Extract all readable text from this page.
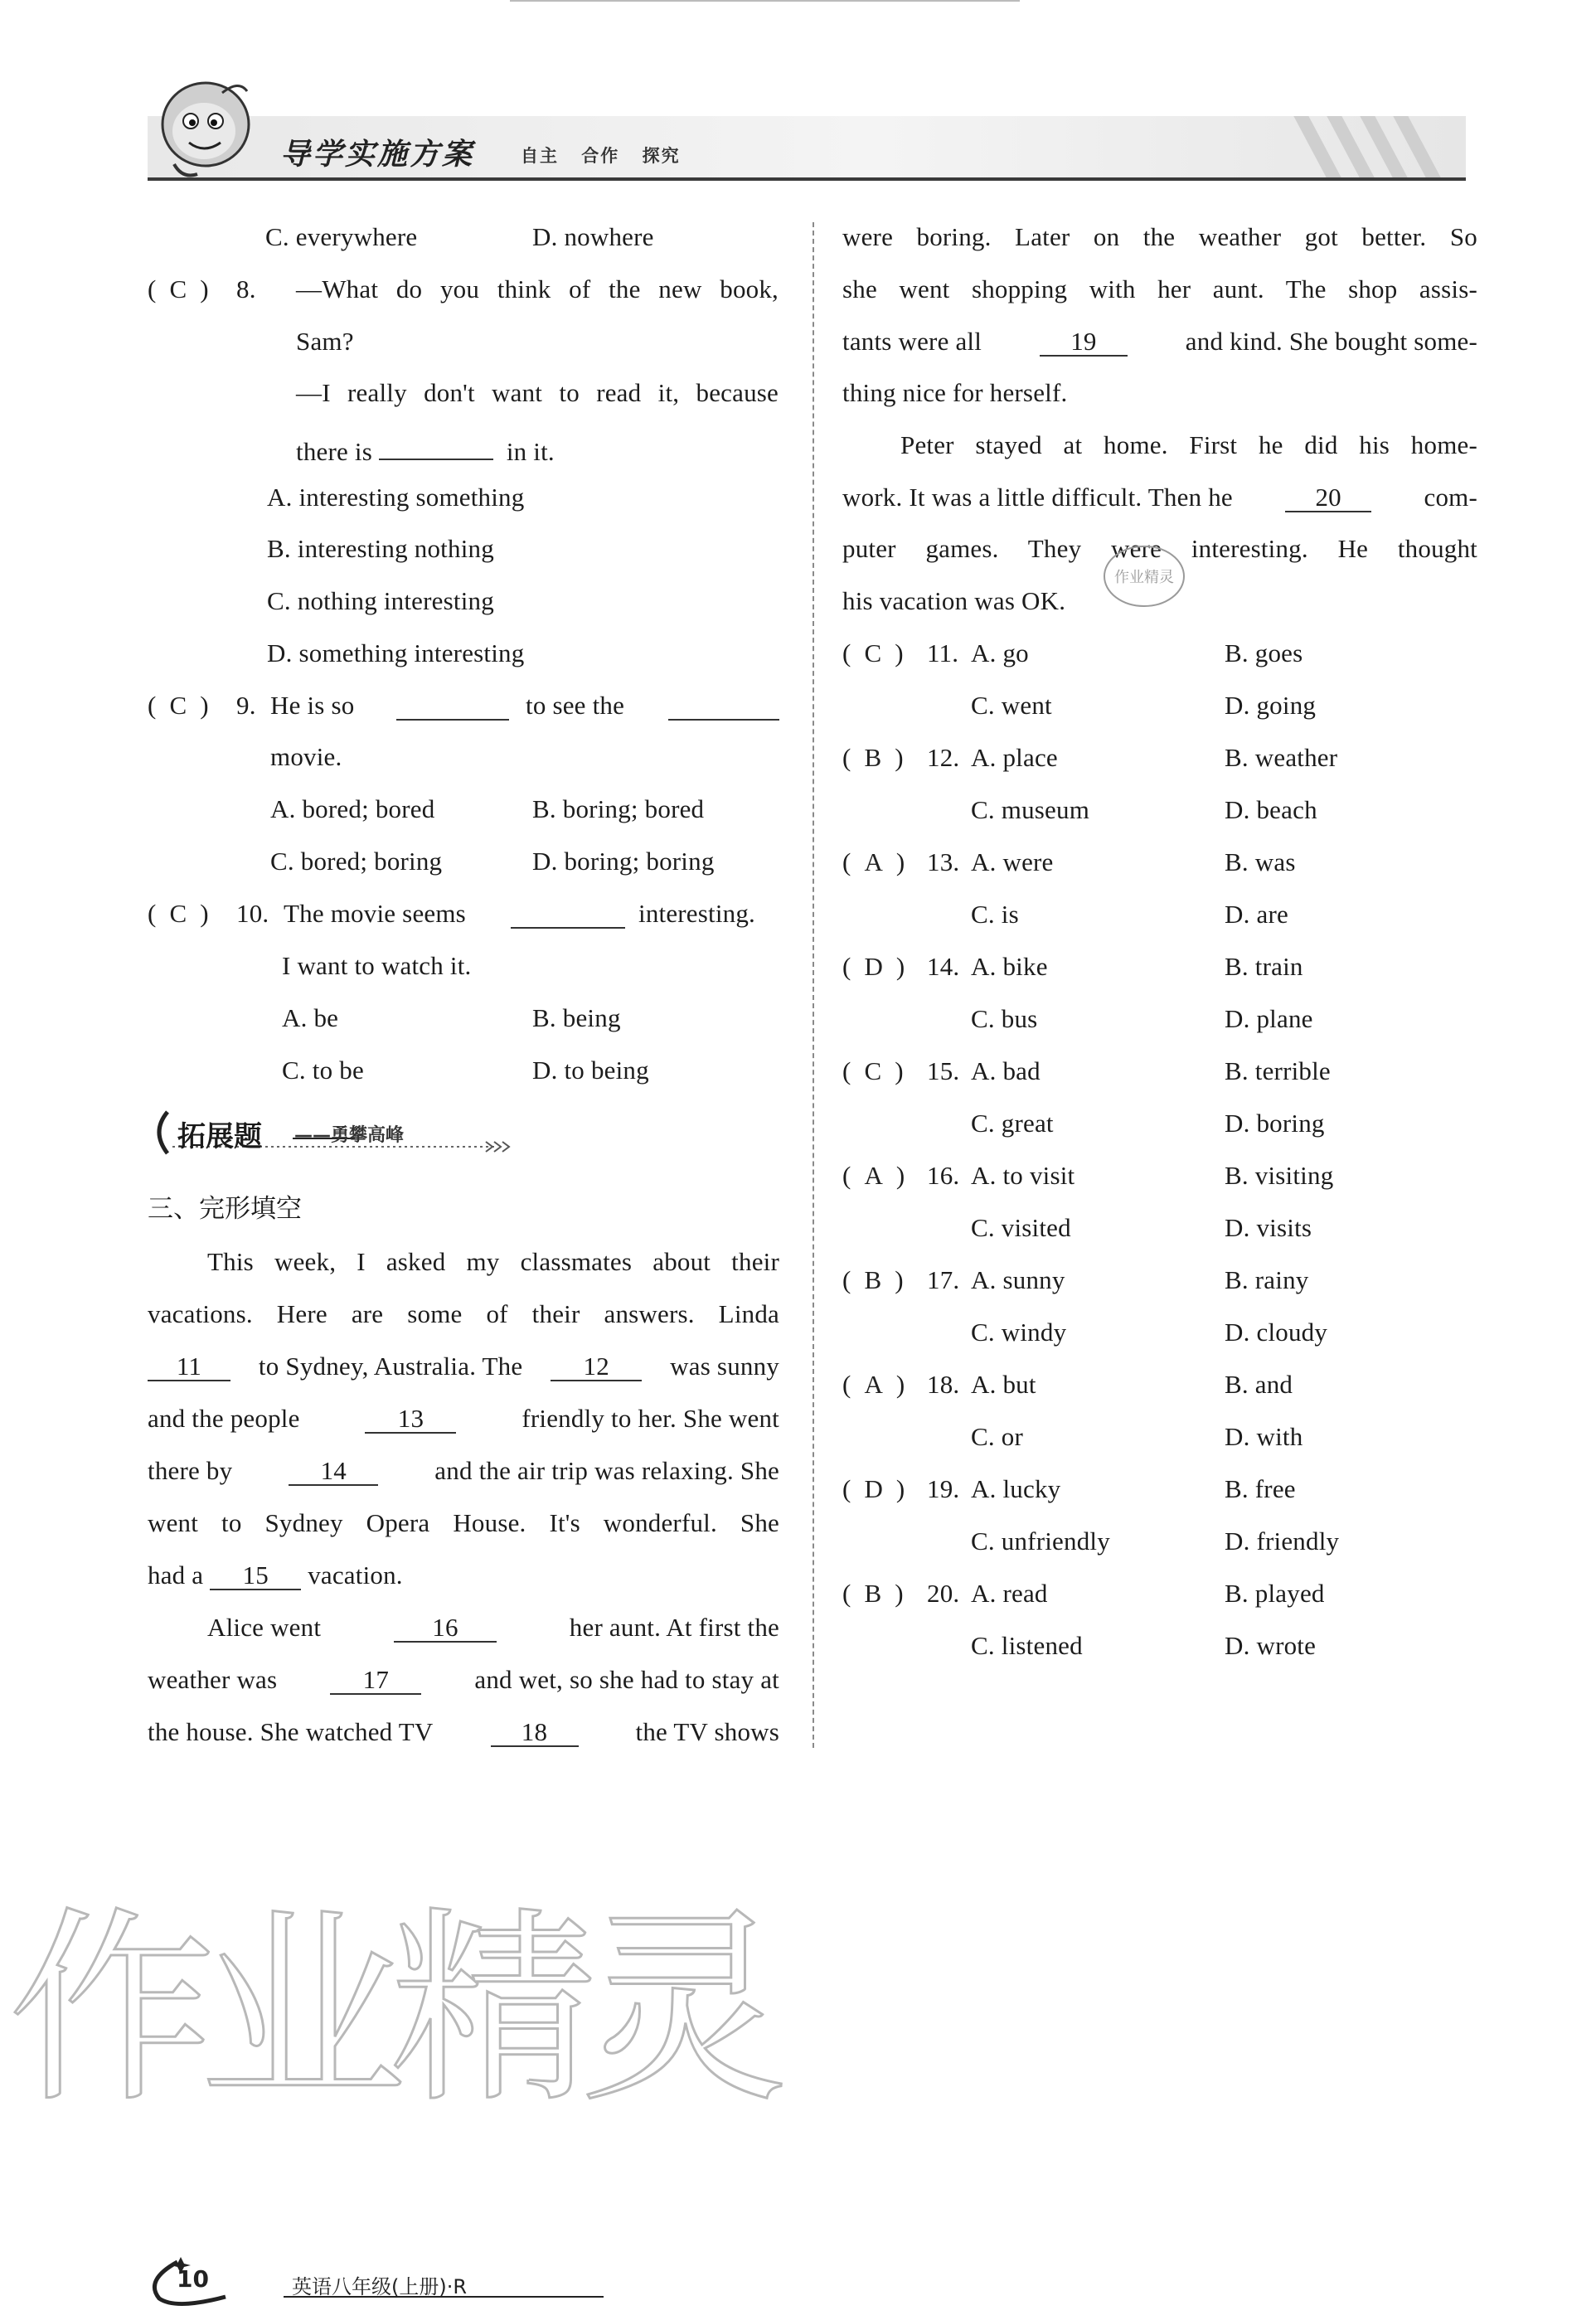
导学实施方案	自主 合作 探究
C. everywhere	D. nowhere
(  C  ) 8. —What do you think of the new book,
Sam?
—I really don't want to read it, because
there is	in it.
A. interesting something
B. interesting nothing
C. nothing interesting
D. something interesting
(  C  ) 9. He is so	to see the
movie.
A. bored; bored	B. boring; bored
C. bored; boring	D. boring; boring
(  C  ) 10. The movie seems	interesting.
I want to watch it.
A. be	B. being
C. to be	D. to being
拓展题 ——勇攀高峰
三、完形填空
This week, I asked my classmates about their
vacations. Here are some of their answers. Linda
11	to Sydney, Australia. The	12	was sunny
and the people	13	friendly to her. She went
there by	14	and the air trip was relaxing. She
went to Sydney Opera House. It's wonderful. She
had a 15 vacation.
Alice went	16	her aunt. At first the
weather was	17	and wet, so she had to stay at
the house. She watched TV	18	the TV shows
were boring. Later on the weather got better. So
she went shopping with her aunt. The shop assis-
tants were all	19	and kind. She bought some-
thing nice for herself.
Peter stayed at home. First he did his home-
work. It was a little difficult. Then he	20	com-
puter games. They were interesting. He thought
his vacation was OK.
作业精灵
(  C  ) 11. A. go	B. goes
C. went	D. going
(  B  ) 12. A. place	B. weather
C. museum	D. beach
(  A  ) 13. A. were	B. was
C. is	D. are
(  D  ) 14. A. bike	B. train
C. bus	D. plane
(  C  ) 15. A. bad	B. terrible
C. great	D. boring
(  A  ) 16. A. to visit	B. visiting
C. visited	D. visits
(  B  ) 17. A. sunny	B. rainy
C. windy	D. cloudy
(  A  ) 18. A. but	B. and
C. or	D. with
(  D  ) 19. A. lucky	B. free
C. unfriendly	D. friendly
(  B  ) 20. A. read	B. played
C. listened	D. wrote
作业精灵
10	英语八年级(上册)·R
